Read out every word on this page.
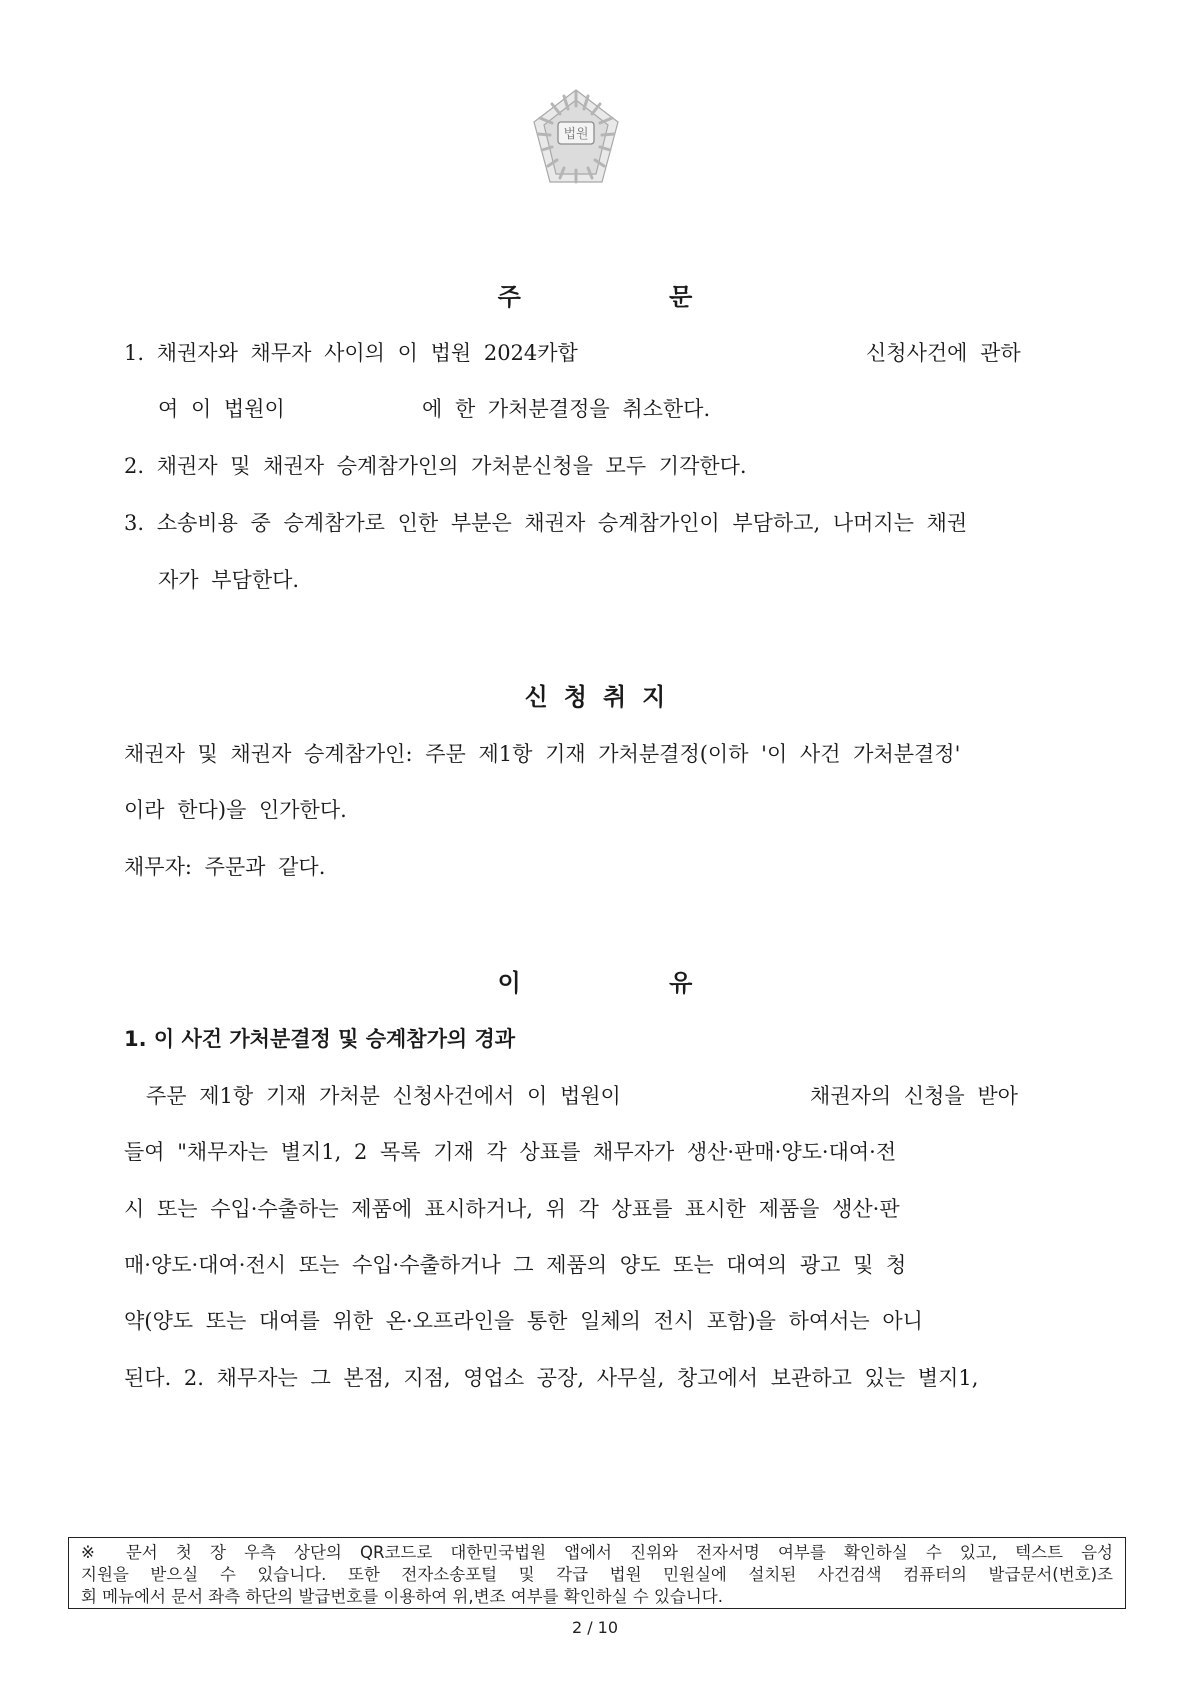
법원
주 문
1. 채권자와 채무자 사이의 이 법원 2024카합	신청사건에 관하
여 이 법원이	에 한 가처분결정을 취소한다.
2. 채권자 및 채권자 승계참가인의 가처분신청을 모두 기각한다.
3. 소송비용 중 승계참가로 인한 부분은 채권자 승계참가인이 부담하고, 나머지는 채권
자가 부담한다.
신청취지
채권자 및 채권자 승계참가인: 주문 제1항 기재 가처분결정(이하 '이 사건 가처분결정'
이라 한다)을 인가한다.
채무자: 주문과 같다.
이 유
1. 이 사건 가처분결정 및 승계참가의 경과
주문 제1항 기재 가처분 신청사건에서 이 법원이	채권자의 신청을 받아
들여 "채무자는 별지1, 2 목록 기재 각 상표를 채무자가 생산·판매·양도·대여·전
시 또는 수입·수출하는 제품에 표시하거나, 위 각 상표를 표시한 제품을 생산·판
매·양도·대여·전시 또는 수입·수출하거나 그 제품의 양도 또는 대여의 광고 및 청
약(양도 또는 대여를 위한 온·오프라인을 통한 일체의 전시 포함)을 하여서는 아니
된다. 2. 채무자는 그 본점, 지점, 영업소 공장, 사무실, 창고에서 보관하고 있는 별지1,
※ 문서 첫 장 우측 상단의 QR코드로 대한민국법원 앱에서 진위와 전자서명 여부를 확인하실 수 있고, 텍스트 음성
지원을 받으실 수 있습니다. 또한 전자소송포털 및 각급 법원 민원실에 설치된 사건검색 컴퓨터의 발급문서(번호)조
회 메뉴에서 문서 좌측 하단의 발급번호를 이용하여 위,변조 여부를 확인하실 수 있습니다.
2 / 10
